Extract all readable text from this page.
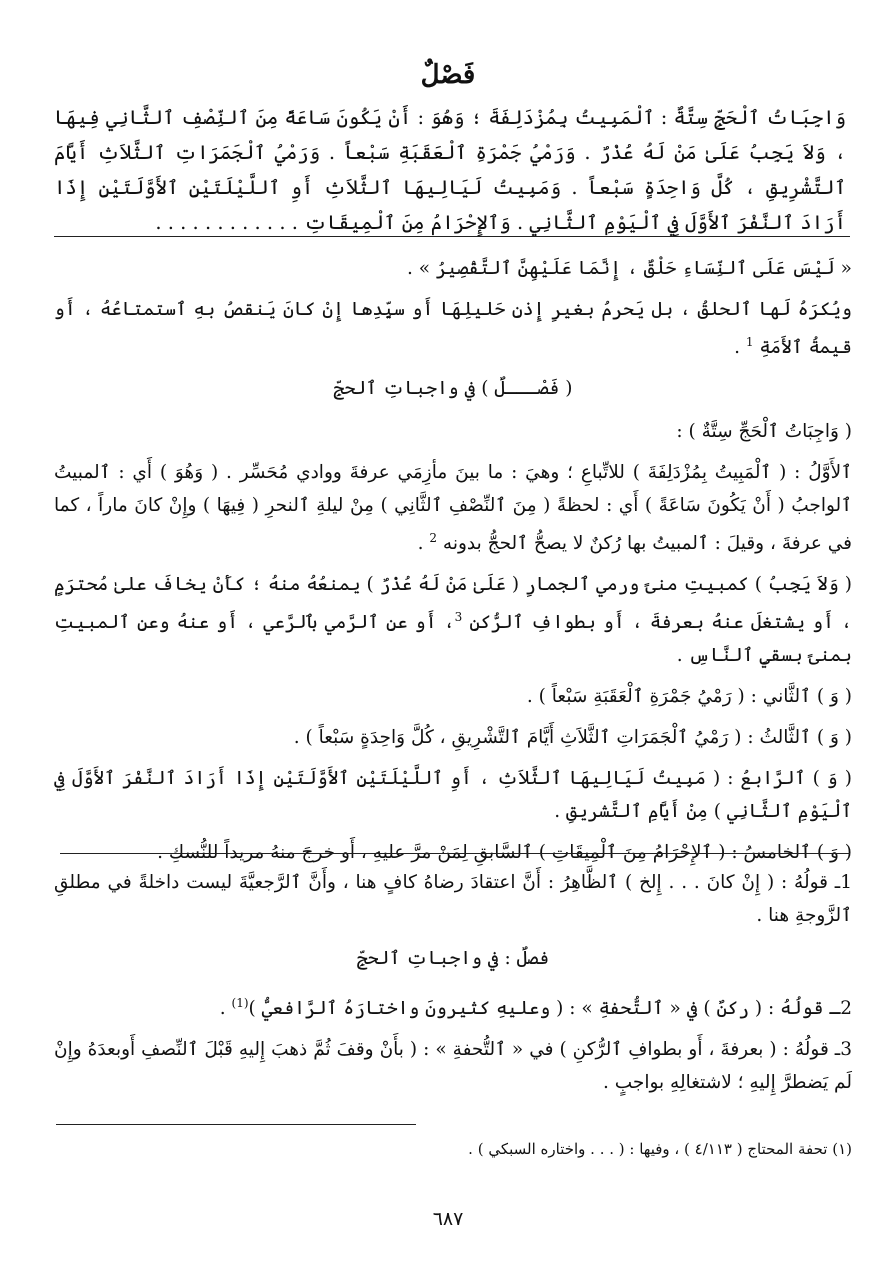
فَصْلٌ
وَاجِبَاتُ ٱلْحَجِّ سِتَّةٌ : ٱلْمَبِيتُ بِمُزْدَلِفَةَ ؛ وَهُوَ : أَنْ يَكُونَ سَاعَةً مِنَ ٱلنِّصْفِ ٱلثَّانِي فِيهَا ، وَلاَ يَجِبُ عَلَىٰ مَنْ لَهُ عُذْرٌ . وَرَمْيُ جَمْرَةِ ٱلْعَقَبَةِ سَبْعاً . وَرَمْيُ ٱلْجَمَرَاتِ ٱلثَّلاَثِ أَيَّامَ ٱلتَّشْرِيقِ ، كُلَّ وَاحِدَةٍ سَبْعاً . وَمَبِيتُ لَيَالِيهَا ٱلثَّلاَثِ أَوِ ٱللَّيْلَتَيْنِ ٱلأَوَّلَتَيْنِ إِذَا أَرَادَ ٱلنَّفْرَ ٱلأَوَّلَ فِي ٱلْيَوْمِ ٱلثَّانِي . وَٱلإِحْرَامُ مِنَ ٱلْمِيقَاتِ . . . . . . . . . . . .

« لَيْسَ عَلَى ٱلنِّسَاءِ حَلْقٌ ، إِنَّمَا عَلَيْهِنَّ ٱلتَّقْصِيرُ » .

ويُكرَهُ لَها ٱلحلقُ ، بل يَحرمُ بغيرِ إِذنِ حَليلِهَا أَو سيِّدِها إِنْ كانَ يَنقصُ بهِ ٱستمتاعُهُ ، أَو قيمةُ ٱلأَمَةِ $^1$ .

( فَصْـــلٌ ) في واجباتِ ٱلحجِّ

( وَاجِبَاتُ ٱلْحَجِّ سِتَّةٌ ) :

ٱلأَوَّلُ : ( ٱلْمَبِيتُ بِمُزْدَلِفَةَ ) للاتِّباعِ ؛ وهيَ : ما بينَ مأزِمَي عرفةَ ووادي مُحَسِّر . ( وَهُوَ ) أَي : ٱلمبيتُ ٱلواجبُ ( أَنْ يَكُونَ سَاعَةً ) أَي : لحظةً ( مِنَ ٱلنِّصْفِ ٱلثَّانِي ) مِنْ ليلةِ ٱلنحرِ ( فِيهَا ) وإِنْ كانَ ماراً ، كما في عرفةَ ، وقيلَ : ٱلمبيتُ بها رُكنٌ لا يصحُّ ٱلحجُّ بدونه $^2$ .

( وَلاَ يَجِبُ ) كمبيتِ منىً ورمي ٱلجمارِ ( عَلَىٰ مَنْ لَهُ عُذْرٌ ) يمنعُهُ منهُ ؛ كأَنْ يخافَ علىٰ مُحترَمٍ ، أَو يشتغلَ عنهُ بعرفةَ ، أَو بطوافِ ٱلرُّكنِ $^3$، أَو عنِ ٱلرَّمي بٱلرَّعي ، أَو عنهُ وعنِ ٱلمبيتِ بمنىً بسقيِ ٱلنَّاسِ .

( وَ ) ٱلثَّاني : ( رَمْيُ جَمْرَةِ ٱلْعَقَبَةِ سَبْعاً ) .

( وَ ) ٱلثَّالثُ : ( رَمْيُ ٱلْجَمَرَاتِ ٱلثَّلاَثِ أَيَّامَ ٱلتَّشْرِيقِ ، كُلَّ وَاحِدَةٍ سَبْعاً ) .

( وَ ) ٱلرَّابعُ : ( مَبِيتُ لَيَالِيهَا ٱلثَّلاَثِ ، أَوِ ٱللَّيْلَتَيْنِ ٱلأَوَّلَتَيْنِ إِذَا أَرَادَ ٱلنَّفْرَ ٱلأَوَّلَ فِي ٱلْيَوْمِ ٱلثَّانِي ) مِنْ أَيَّامِ ٱلتَّشريقِ .

( وَ ) ٱلخامسُ : ( ٱلإِحْرَامُ مِنَ ٱلْمِيقَاتِ ) ٱلسَّابقِ لِمَنْ مرَّ عليهِ ، أَو خرجَ منهُ مريداً للنُّسكِ .

1ـ قولُهُ : ( إِنْ كانَ . . . إِلخ ) ٱلظَّاهِرُ : أَنَّ اعتقادَ رضاهُ كافٍ هنا ، وأَنَّ ٱلرَّجعيَّةَ ليست داخلةً في مطلقِ ٱلزَّوجةِ هنا .

فصلٌ : في واجباتِ ٱلحجِّ

2ـ قولُهُ : ( ركنٌ ) في « ٱلتُّحفةِ » : ( وعليهِ كثيرونَ واختارَهُ ٱلرَّافعيُّ )$^{(1)}$ .

3ـ قولُهُ : ( بعرفةَ ، أَو بطوافِ ٱلرُّكنِ ) في « ٱلتُّحفةِ » : ( بأَنْ وقفَ ثُمَّ ذهبَ إِليهِ قَبْلَ ٱلنِّصفِ أَوبعدَهُ وإِنْ لَم يَضطرَّ إِليهِ ؛ لاشتغالِهِ بواجبٍ .

(١) تحفة المحتاج ( ٤/١١٣ ) ، وفيها : ( . . . واختاره السبكي ) .
٦٨٧
